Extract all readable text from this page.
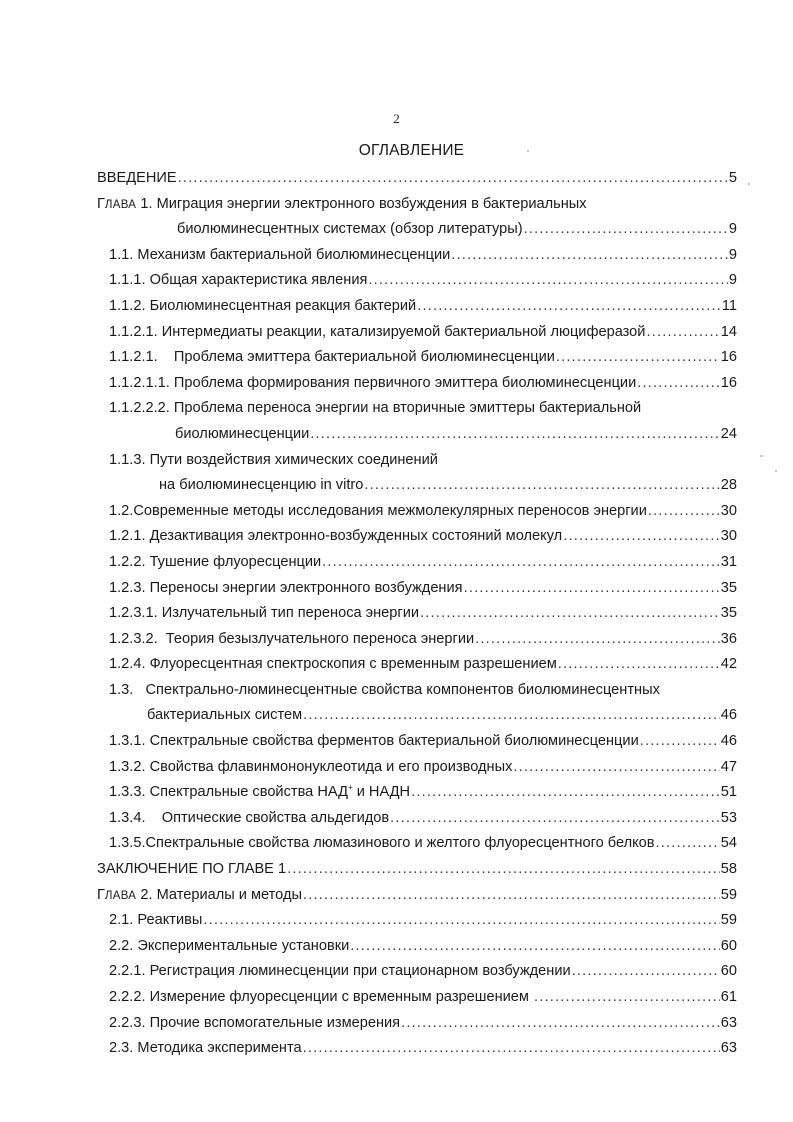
2
ОГЛАВЛЕНИЕ
ВВЕДЕНИЕ .....	5
ГЛАВА 1. Миграция энергии электронного возбуждения в бактериальных
биолюминесцентных системах (обзор литературы) .....	9
1.1. Механизм бактериальной биолюминесценции .....	9
1.1.1. Общая характеристика явления .....	9
1.1.2. Биолюминесцентная реакция бактерий .....	11
1.1.2.1. Интермедиаты реакции, катализируемой бактериальной люциферазой .....	14
1.1.2.1.    Проблема эмиттера бактериальной биолюминесценции .....	16
1.1.2.1.1. Проблема формирования первичного эмиттера биолюминесценции .....	16
1.1.2.2.2. Проблема переноса энергии на вторичные эмиттеры бактериальной
биолюминесценции .....	24
1.1.3. Пути воздействия химических соединений
на биолюминесценцию in vitro .....	28
1.2.Современные методы исследования межмолекулярных переносов энергии .....	30
1.2.1. Дезактивация электронно-возбужденных состояний молекул .....	30
1.2.2. Тушение флуоресценции .....	31
1.2.3. Переносы энергии электронного возбуждения .....	35
1.2.3.1. Излучательный тип переноса энергии .....	35
1.2.3.2.  Теория безызлучательного переноса энергии .....	36
1.2.4. Флуоресцентная спектроскопия с временным разрешением .....	42
1.3.   Спектрально-люминесцентные свойства компонентов биолюминесцентных
бактериальных систем .....	46
1.3.1. Спектральные свойства ферментов бактериальной биолюминесценции .....	46
1.3.2. Свойства флавинмононуклеотида и его производных .....	47
1.3.3. Спектральные свойства НАД+ и НАДН .....	51
1.3.4.    Оптические свойства альдегидов .....	53
1.3.5.Спектральные свойства люмазинового и желтого флуоресцентного белков .....	54
ЗАКЛЮЧЕНИЕ ПО ГЛАВЕ 1 .....	58
ГЛАВА 2. Материалы и методы .....	59
2.1. Реактивы .....	59
2.2. Экспериментальные установки .....	60
2.2.1. Регистрация люминесценции при стационарном возбуждении .....	60
2.2.2. Измерение флуоресценции с временным разрешением .....	61
2.2.3. Прочие вспомогательные измерения .....	63
2.3. Методика эксперимента .....	63
